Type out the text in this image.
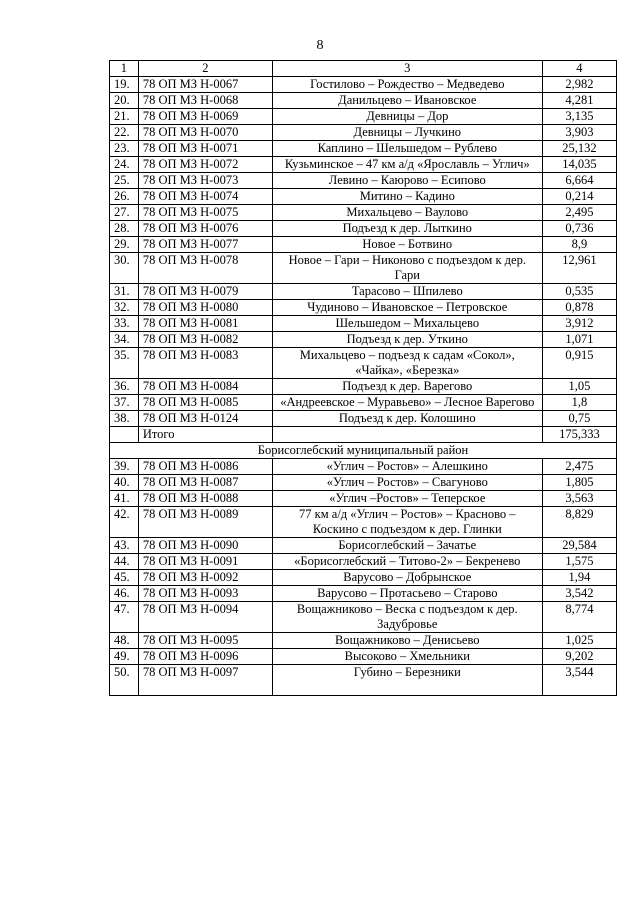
8
1	2	3	4
19.	78 ОП МЗ Н-0067	Гостилово – Рождество – Медведево	2,982
20.	78 ОП МЗ Н-0068	Данильцево – Ивановское	4,281
21.	78 ОП МЗ Н-0069	Девницы – Дор	3,135
22.	78 ОП МЗ Н-0070	Девницы – Лучкино	3,903
23.	78 ОП МЗ Н-0071	Каплино – Шельшедом – Рублево	25,132
24.	78 ОП МЗ Н-0072	Кузьминское – 47 км а/д «Ярославль – Углич»	14,035
25.	78 ОП МЗ Н-0073	Левино – Каюрово – Есипово	6,664
26.	78 ОП МЗ Н-0074	Митино – Кадино	0,214
27.	78 ОП МЗ Н-0075	Михальцево – Ваулово	2,495
28.	78 ОП МЗ Н-0076	Подъезд к дер. Лыткино	0,736
29.	78 ОП МЗ Н-0077	Новое – Ботвино	8,9
30.	78 ОП МЗ Н-0078	Новое – Гари – Никоново с подъездом к дер. Гари	12,961
31.	78 ОП МЗ Н-0079	Тарасово – Шпилево	0,535
32.	78 ОП МЗ Н-0080	Чудиново – Ивановское – Петровское	0,878
33.	78 ОП МЗ Н-0081	Шельшедом – Михальцево	3,912
34.	78 ОП МЗ Н-0082	Подъезд к дер. Уткино	1,071
35.	78 ОП МЗ Н-0083	Михальцево – подъезд к садам «Сокол», «Чайка», «Березка»	0,915
36.	78 ОП МЗ Н-0084	Подъезд к дер. Варегово	1,05
37.	78 ОП МЗ Н-0085	«Андреевское – Муравьево» – Лесное Варегово	1,8
38.	78 ОП МЗ Н-0124	Подъезд к дер. Колошино	0,75
	Итого		175,333
Борисоглебский муниципальный район			
39.	78 ОП МЗ Н-0086	«Углич – Ростов» – Алешкино	2,475
40.	78 ОП МЗ Н-0087	«Углич – Ростов» – Свагуново	1,805
41.	78 ОП МЗ Н-0088	«Углич –Ростов» – Теперское	3,563
42.	78 ОП МЗ Н-0089	77 км а/д «Углич – Ростов» – Красново – Коскино с подъездом к дер. Глинки	8,829
43.	78 ОП МЗ Н-0090	Борисоглебский – Зачатье	29,584
44.	78 ОП МЗ Н-0091	«Борисоглебский – Титово-2» – Бекренево	1,575
45.	78 ОП МЗ Н-0092	Варусово – Добрынское	1,94
46.	78 ОП МЗ Н-0093	Варусово – Протасьево – Старово	3,542
47.	78 ОП МЗ Н-0094	Вощажниково – Веска с подъездом к дер. Задубровье	8,774
48.	78 ОП МЗ Н-0095	Вощажниково – Денисьево	1,025
49.	78 ОП МЗ Н-0096	Высоково – Хмельники	9,202
50.	78 ОП МЗ Н-0097	Губино – Березники	3,544
